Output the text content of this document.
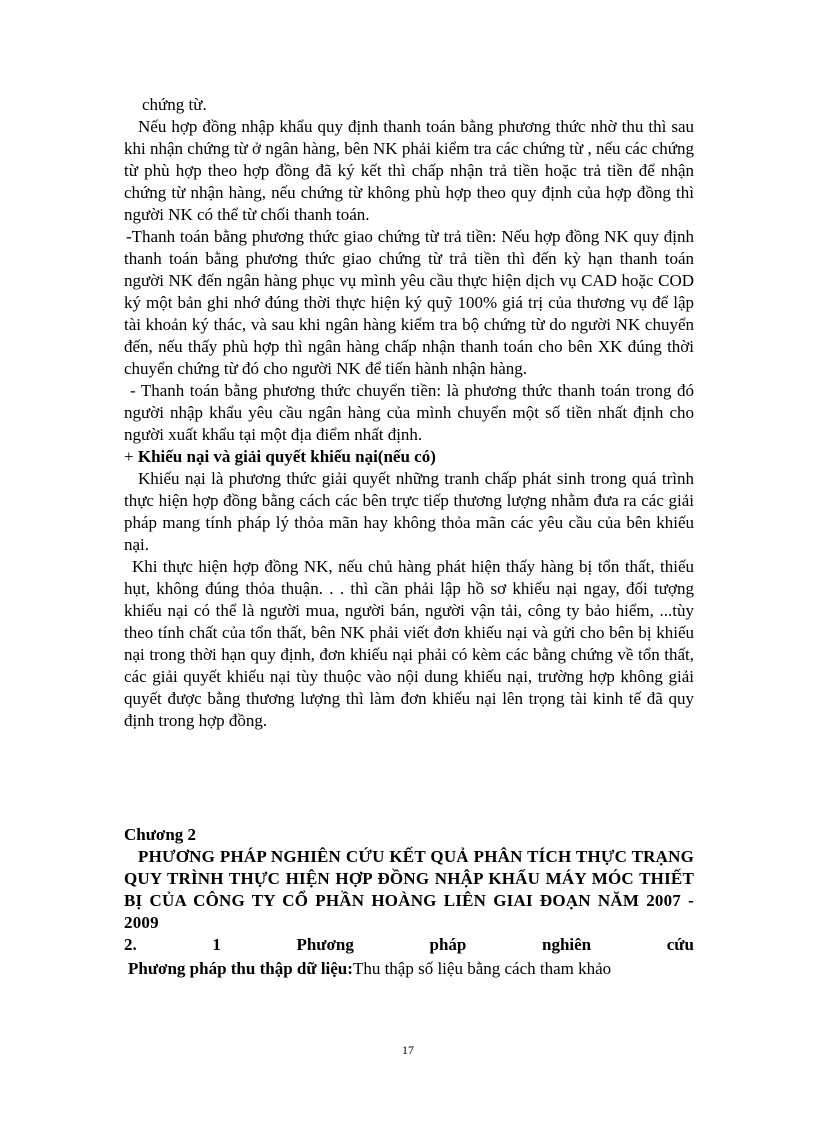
chứng từ.

Nếu hợp đồng nhập khẩu quy định thanh toán bằng phương thức nhờ thu thì sau khi nhận chứng từ ở ngân hàng, bên NK phải kiểm tra các chứng từ , nếu các chứng từ phù hợp theo hợp đồng đã ký kết thì chấp nhận trả tiền hoặc trả tiền để nhận chứng từ nhận hàng, nếu chứng từ không phù hợp theo quy định của hợp đồng thì người NK có thể từ chối thanh toán.

-Thanh toán bằng phương thức giao chứng từ trả tiền: Nếu hợp đồng NK quy định thanh toán bằng phương thức giao chứng từ trả tiền thì đến kỳ hạn thanh toán người NK đến ngân hàng phục vụ mình yêu cầu thực hiện dịch vụ CAD hoặc COD ký một bản ghi nhớ đúng thời thực hiện ký quỹ 100% giá trị của thương vụ để lập tài khoản ký thác, và sau khi ngân hàng kiểm tra bộ chứng từ do người NK chuyển đến, nếu thấy phù hợp thì ngân hàng chấp nhận thanh toán cho bên XK đúng thời chuyển chứng từ đó cho người NK để tiến hành nhận hàng.

- Thanh toán bằng phương thức chuyển tiền: là phương thức thanh toán trong đó người nhập khẩu yêu cầu ngân hàng của mình chuyển một số tiền nhất định cho người xuất khẩu tại một địa điểm nhất định.

+ Khiếu nại và giải quyết khiếu nại(nếu có)

Khiếu nại là phương thức giải quyết những tranh chấp phát sinh trong quá trình thực hiện hợp đồng bằng cách các bên trực tiếp thương lượng nhằm đưa ra các giải pháp mang tính pháp lý thỏa mãn hay không thỏa mãn các yêu cầu của bên khiếu nại.

Khi thực hiện hợp đồng NK, nếu chủ hàng phát hiện thấy hàng bị tổn thất, thiếu hụt, không đúng thỏa thuận. . . thì cần phải lập hồ sơ khiếu nại ngay, đối tượng khiếu nại có thể là người mua, người bán, người vận tải, công ty bảo hiểm, ...tùy theo tính chất của tổn thất, bên NK phải viết đơn khiếu nại và gửi cho bên bị khiếu nại trong thời hạn quy định, đơn khiếu nại phải có kèm các bằng chứng về tổn thất, các giải quyết khiếu nại tùy thuộc vào nội dung khiếu nại, trường hợp không giải quyết được bằng thương lượng thì làm đơn khiếu nại lên trọng tài kinh tế đã quy định trong hợp đồng.

Chương 2
PHƯƠNG PHÁP NGHIÊN CỨU KẾT QUẢ PHÂN TÍCH THỰC TRẠNG QUY TRÌNH THỰC HIỆN HỢP ĐỒNG NHẬP KHẨU MÁY MÓC THIẾT BỊ CỦA CÔNG TY CỔ PHẦN HOÀNG LIÊN GIAI ĐOẠN NĂM 2007 - 2009
2.	1	Phương	pháp	nghiên	cứu
Phương pháp thu thập dữ liệu:Thu thập số liệu bằng cách tham khảo
17
